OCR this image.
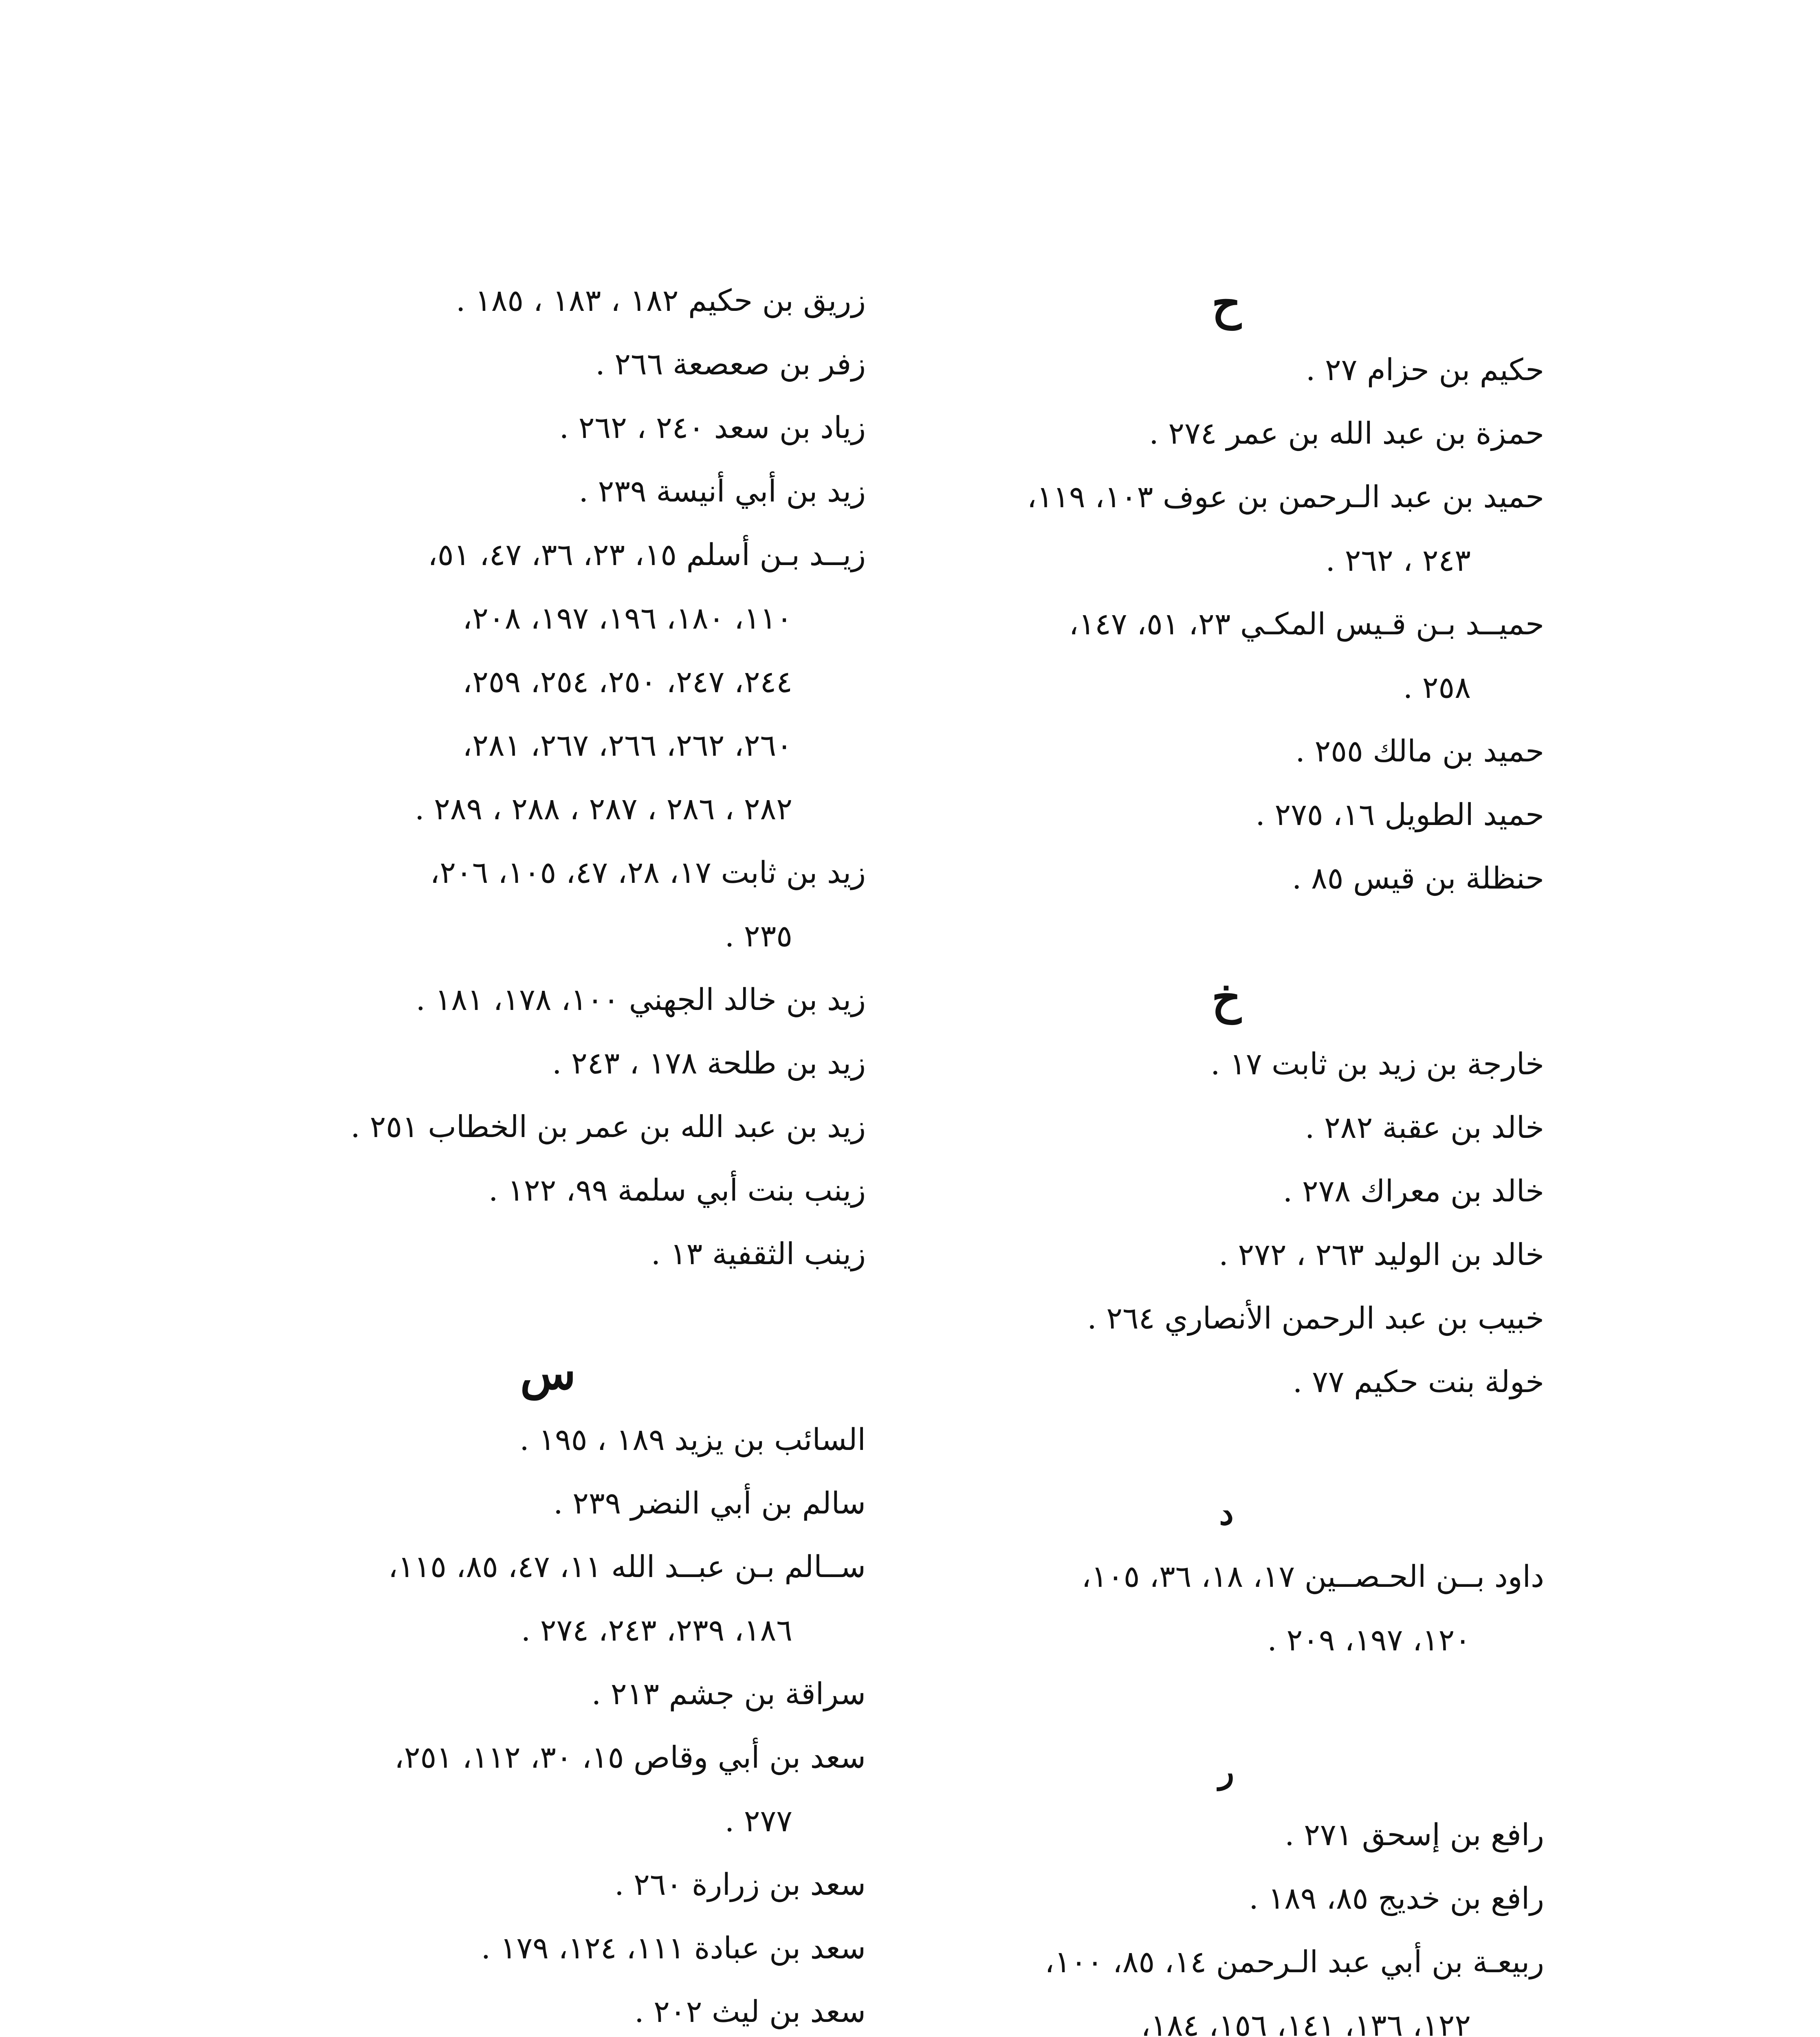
ح
حكيم بن حزام ٢٧ .
حمزة بن عبد الله بن عمر ٢٧٤ .
حميد بن عبد الـرحمن بن عوف ١٠٣، ١١٩،
٢٤٣ ، ٢٦٢ .
حميــد بـن قـيس المكـي ٢٣، ٥١، ١٤٧،
٢٥٨ .
حميد بن مالك ٢٥٥ .
حميد الطويل ١٦، ٢٧٥ .
حنظلة بن قيس ٨٥ .
خ
خارجة بن زيد بن ثابت ١٧ .
خالد بن عقبة ٢٨٢ .
خالد بن معراك ٢٧٨ .
خالد بن الوليد ٢٦٣ ، ٢٧٢ .
خبيب بن عبد الرحمن الأنصاري ٢٦٤ .
خولة بنت حكيم ٧٧ .
د
داود بــن الحـصــين ١٧، ١٨، ٣٦، ١٠٥،
١٢٠، ١٩٧، ٢٠٩ .
ر
رافع بن إسحق ٢٧١ .
رافع بن خديج ٨٥، ١٨٩ .
ربيعـة بن أبي عبد الـرحمن ١٤، ٨٥، ١٠٠،
١٢٢، ١٣٦، ١٤١، ١٥٦، ١٨٤،
زريق بن حكيم ١٨٢ ، ١٨٣ ، ١٨٥ .
زفر بن صعصعة ٢٦٦ .
زياد بن سعد ٢٤٠ ، ٢٦٢ .
زيد بن أبي أنيسة ٢٣٩ .
زيــد بـن أسلم ١٥، ٢٣، ٣٦، ٤٧، ٥١،
١١٠، ١٨٠، ١٩٦، ١٩٧، ٢٠٨،
٢٤٤، ٢٤٧، ٢٥٠، ٢٥٤، ٢٥٩،
٢٦٠، ٢٦٢، ٢٦٦، ٢٦٧، ٢٨١،
٢٨٢ ، ٢٨٦ ، ٢٨٧ ، ٢٨٨ ، ٢٨٩ .
زيد بن ثابت ١٧، ٢٨، ٤٧، ١٠٥، ٢٠٦،
٢٣٥ .
زيد بن خالد الجهني ١٠٠، ١٧٨، ١٨١ .
زيد بن طلحة ١٧٨ ، ٢٤٣ .
زيد بن عبد الله بن عمر بن الخطاب ٢٥١ .
زينب بنت أبي سلمة ٩٩، ١٢٢ .
زينب الثقفية ١٣ .
س
السائب بن يزيد ١٨٩ ، ١٩٥ .
سالم بن أبي النضر ٢٣٩ .
ســالم بـن عبــد الله ١١، ٤٧، ٨٥، ١١٥،
١٨٦، ٢٣٩، ٢٤٣، ٢٧٤ .
سراقة بن جشم ٢١٣ .
سعد بن أبي وقاص ١٥، ٣٠، ١١٢، ٢٥١،
٢٧٧ .
سعد بن زرارة ٢٦٠ .
سعد بن عبادة ١١١، ١٢٤، ١٧٩ .
سعد بن ليث ٢٠٢ .
